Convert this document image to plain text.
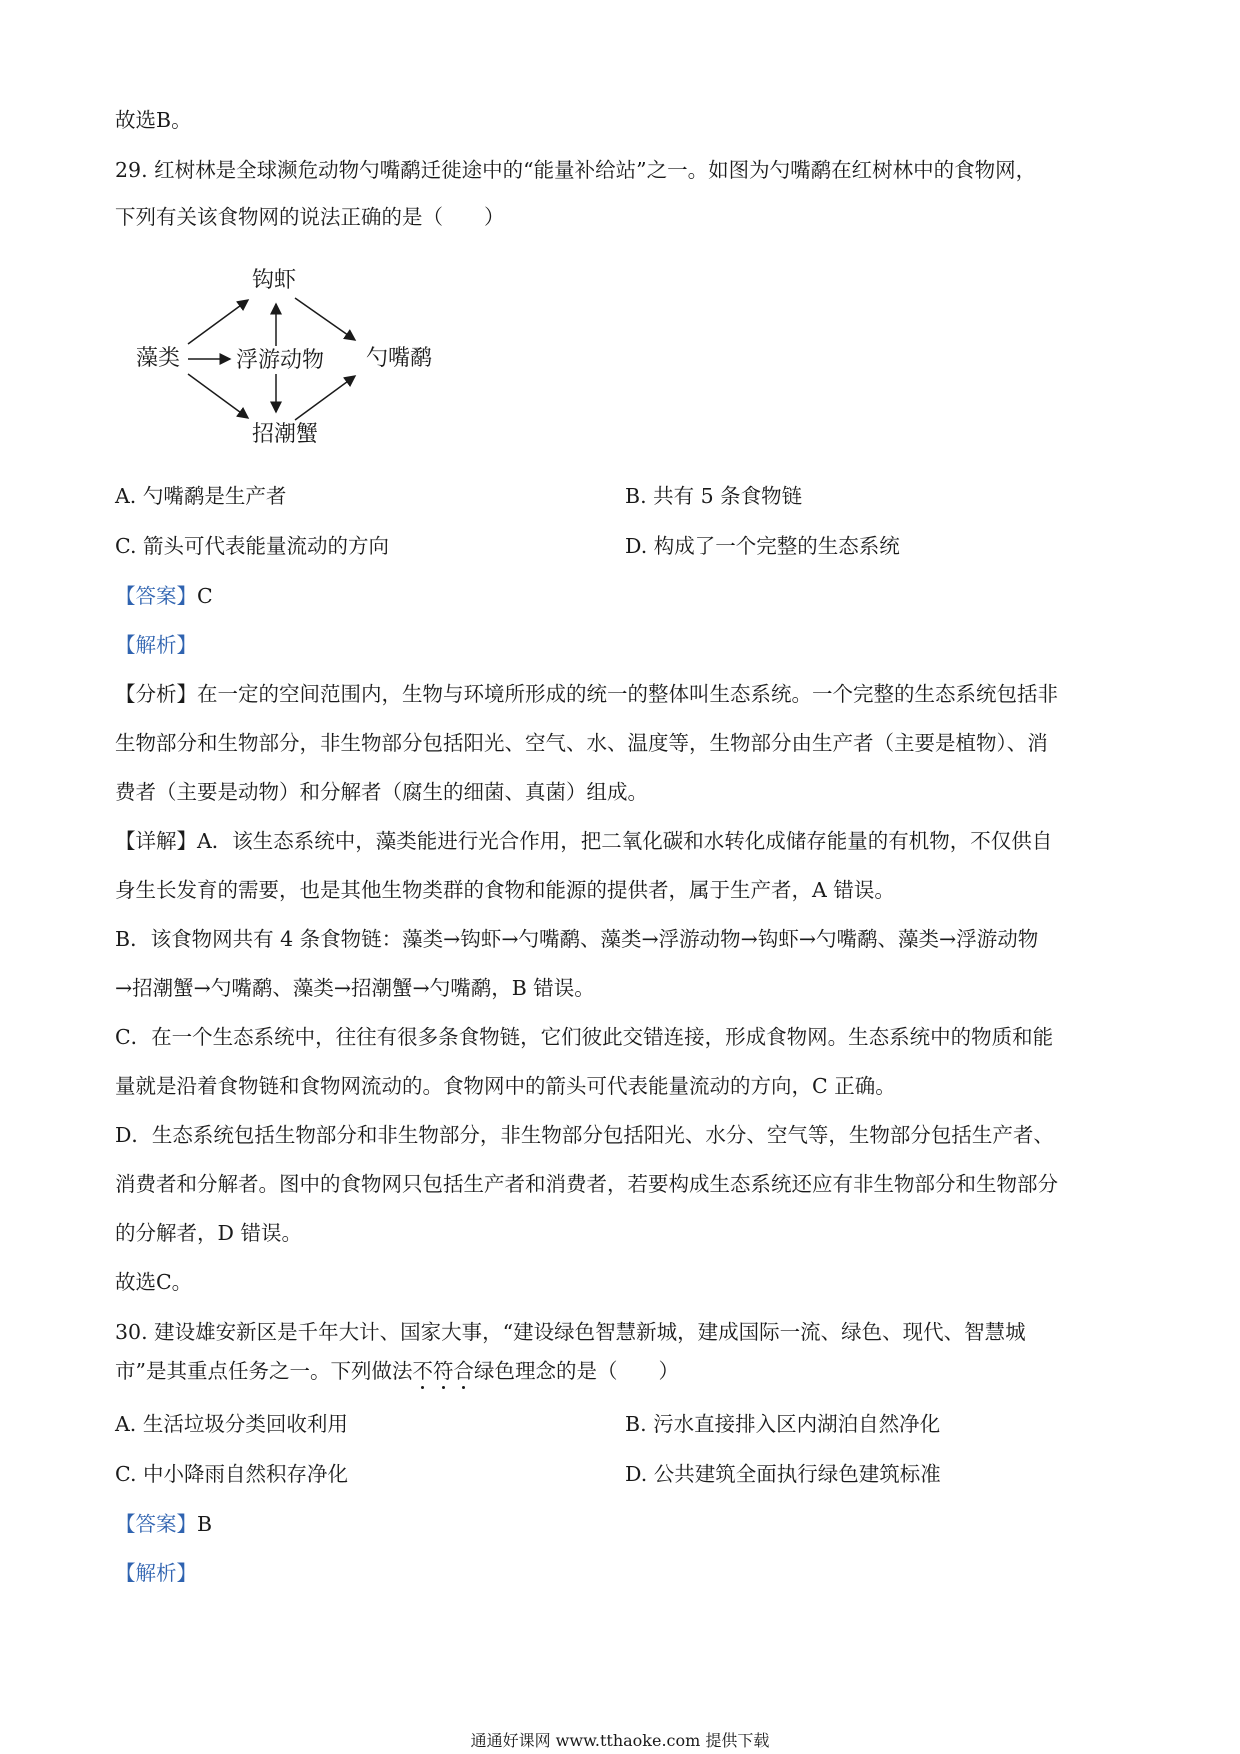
故选B。
29. 红树林是全球濒危动物勺嘴鹬迁徙途中的“能量补给站”之一。如图为勺嘴鹬在红树林中的食物网，
下列有关该食物网的说法正确的是（　　）
钩虾
藻类	浮游动物 勺嘴鹬
招潮蟹
A. 勺嘴鹬是生产者	B. 共有 5 条食物链
C. 箭头可代表能量流动的方向	D. 构成了一个完整的生态系统
【答案】C
【解析】
【分析】在一定的空间范围内，生物与环境所形成的统一的整体叫生态系统。一个完整的生态系统包括非
生物部分和生物部分，非生物部分包括阳光、空气、水、温度等，生物部分由生产者（主要是植物）、消
费者（主要是动物）和分解者（腐生的细菌、真菌）组成。
【详解】A．该生态系统中，藻类能进行光合作用，把二氧化碳和水转化成储存能量的有机物，不仅供自
身生长发育的需要，也是其他生物类群的食物和能源的提供者，属于生产者，A 错误。
B．该食物网共有 4 条食物链：藻类→钩虾→勺嘴鹬、藻类→浮游动物→钩虾→勺嘴鹬、藻类→浮游动物
→招潮蟹→勺嘴鹬、藻类→招潮蟹→勺嘴鹬，B 错误。
C．在一个生态系统中，往往有很多条食物链，它们彼此交错连接，形成食物网。生态系统中的物质和能
量就是沿着食物链和食物网流动的。食物网中的箭头可代表能量流动的方向，C 正确。
D．生态系统包括生物部分和非生物部分，非生物部分包括阳光、水分、空气等，生物部分包括生产者、
消费者和分解者。图中的食物网只包括生产者和消费者，若要构成生态系统还应有非生物部分和生物部分
的分解者，D 错误。
故选C。
30. 建设雄安新区是千年大计、国家大事，“建设绿色智慧新城，建成国际一流、绿色、现代、智慧城
市”是其重点任务之一。下列做法不符合绿色理念的是（　　）
A. 生活垃圾分类回收利用	B. 污水直接排入区内湖泊自然净化
C. 中小降雨自然积存净化	D. 公共建筑全面执行绿色建筑标准
【答案】B
【解析】
通通好课网 www.tthaoke.com 提供下载
